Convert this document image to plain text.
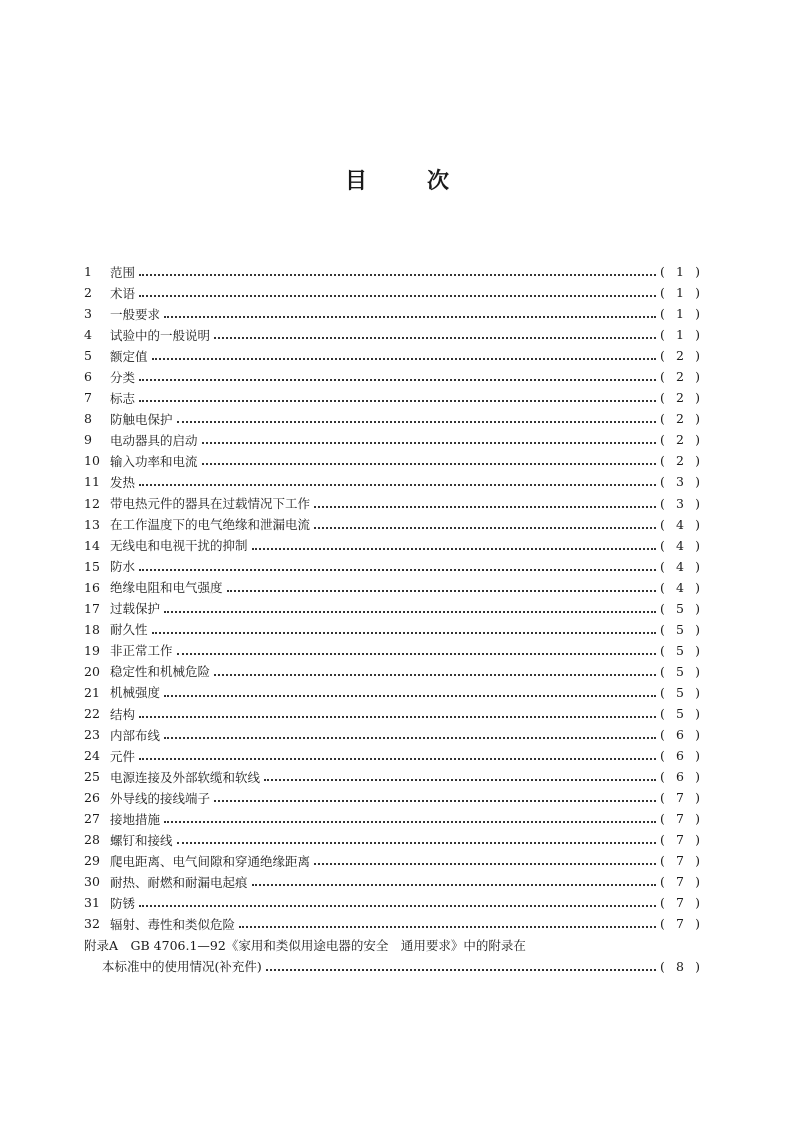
目	次
1	范围	( 1 )
2	术语	( 1 )
3	一般要求	( 1 )
4	试验中的一般说明	( 1 )
5	额定值	( 2 )
6	分类	( 2 )
7	标志	( 2 )
8	防触电保护	( 2 )
9	电动器具的启动	( 2 )
10 输入功率和电流	( 2 )
11 发热	( 3 )
12 带电热元件的器具在过载情况下工作	( 3 )
13 在工作温度下的电气绝缘和泄漏电流	( 4 )
14 无线电和电视干扰的抑制	( 4 )
15 防水	( 4 )
16 绝缘电阻和电气强度	( 4 )
17 过载保护	( 5 )
18 耐久性	( 5 )
19 非正常工作	( 5 )
20 稳定性和机械危险	( 5 )
21 机械强度	( 5 )
22 结构	( 5 )
23 内部布线	( 6 )
24 元件	( 6 )
25 电源连接及外部软缆和软线	( 6 )
26 外导线的接线端子	( 7 )
27 接地措施	( 7 )
28 螺钉和接线	( 7 )
29 爬电距离、电气间隙和穿通绝缘距离	( 7 )
30 耐热、耐燃和耐漏电起痕	( 7 )
31 防锈	( 7 )
32 辐射、毒性和类似危险	( 7 )
附录A　GB 4706.1—92《家用和类似用途电器的安全　通用要求》中的附录在
本标准中的使用情况(补充件)	( 8 )
